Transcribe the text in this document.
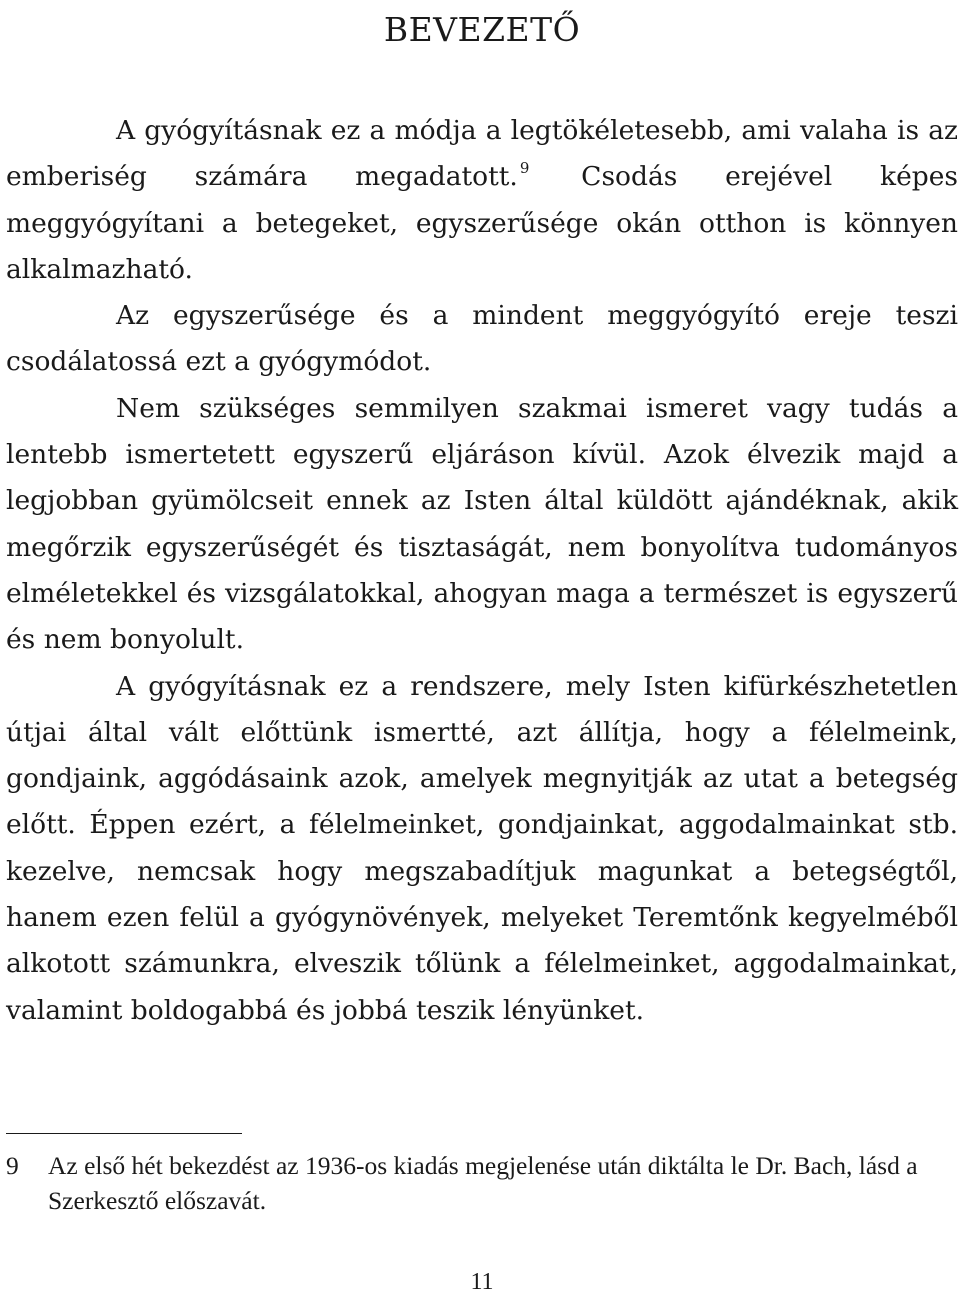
BEVEZETŐ

A gyógyításnak ez a módja a legtökéletesebb, ami valaha is az emberiség számára megadatott. $^9$ Csodás erejével képes meggyógyítani a betegeket, egyszerűsége okán otthon is könnyen alkalmazható.

Az egyszerűsége és a mindent meggyógyító ereje teszi csodálatossá ezt a gyógymódot.

Nem szükséges semmilyen szakmai ismeret vagy tudás a lentebb ismertetett egyszerű eljáráson kívül. Azok élvezik majd a legjobban gyümölcseit ennek az Isten által küldött ajándéknak, akik megőrzik egyszerűségét és tisztaságát, nem bonyolítva tudományos elméletekkel és vizsgálatokkal, ahogyan maga a természet is egyszerű és nem bonyolult.

A gyógyításnak ez a rendszere, mely Isten kifürkészhetetlen útjai által vált előttünk ismertté, azt állítja, hogy a félelmeink, gondjaink, aggódásaink azok, amelyek megnyitják az utat a betegség előtt. Éppen ezért, a félelmeinket, gondjainkat, aggodalmainkat stb. kezelve, nemcsak hogy megszabadítjuk magunkat a betegségtől, hanem ezen felül a gyógynövények, melyeket Teremtőnk kegyelméből alkotott számunkra, elveszik tőlünk a félelmeinket, aggodalmainkat, valamint boldogabbá és jobbá teszik lényünket.

9 Az első hét bekezdést az 1936-os kiadás megjelenése után diktálta le Dr. Bach, lásd a Szerkesztő előszavát.
11
